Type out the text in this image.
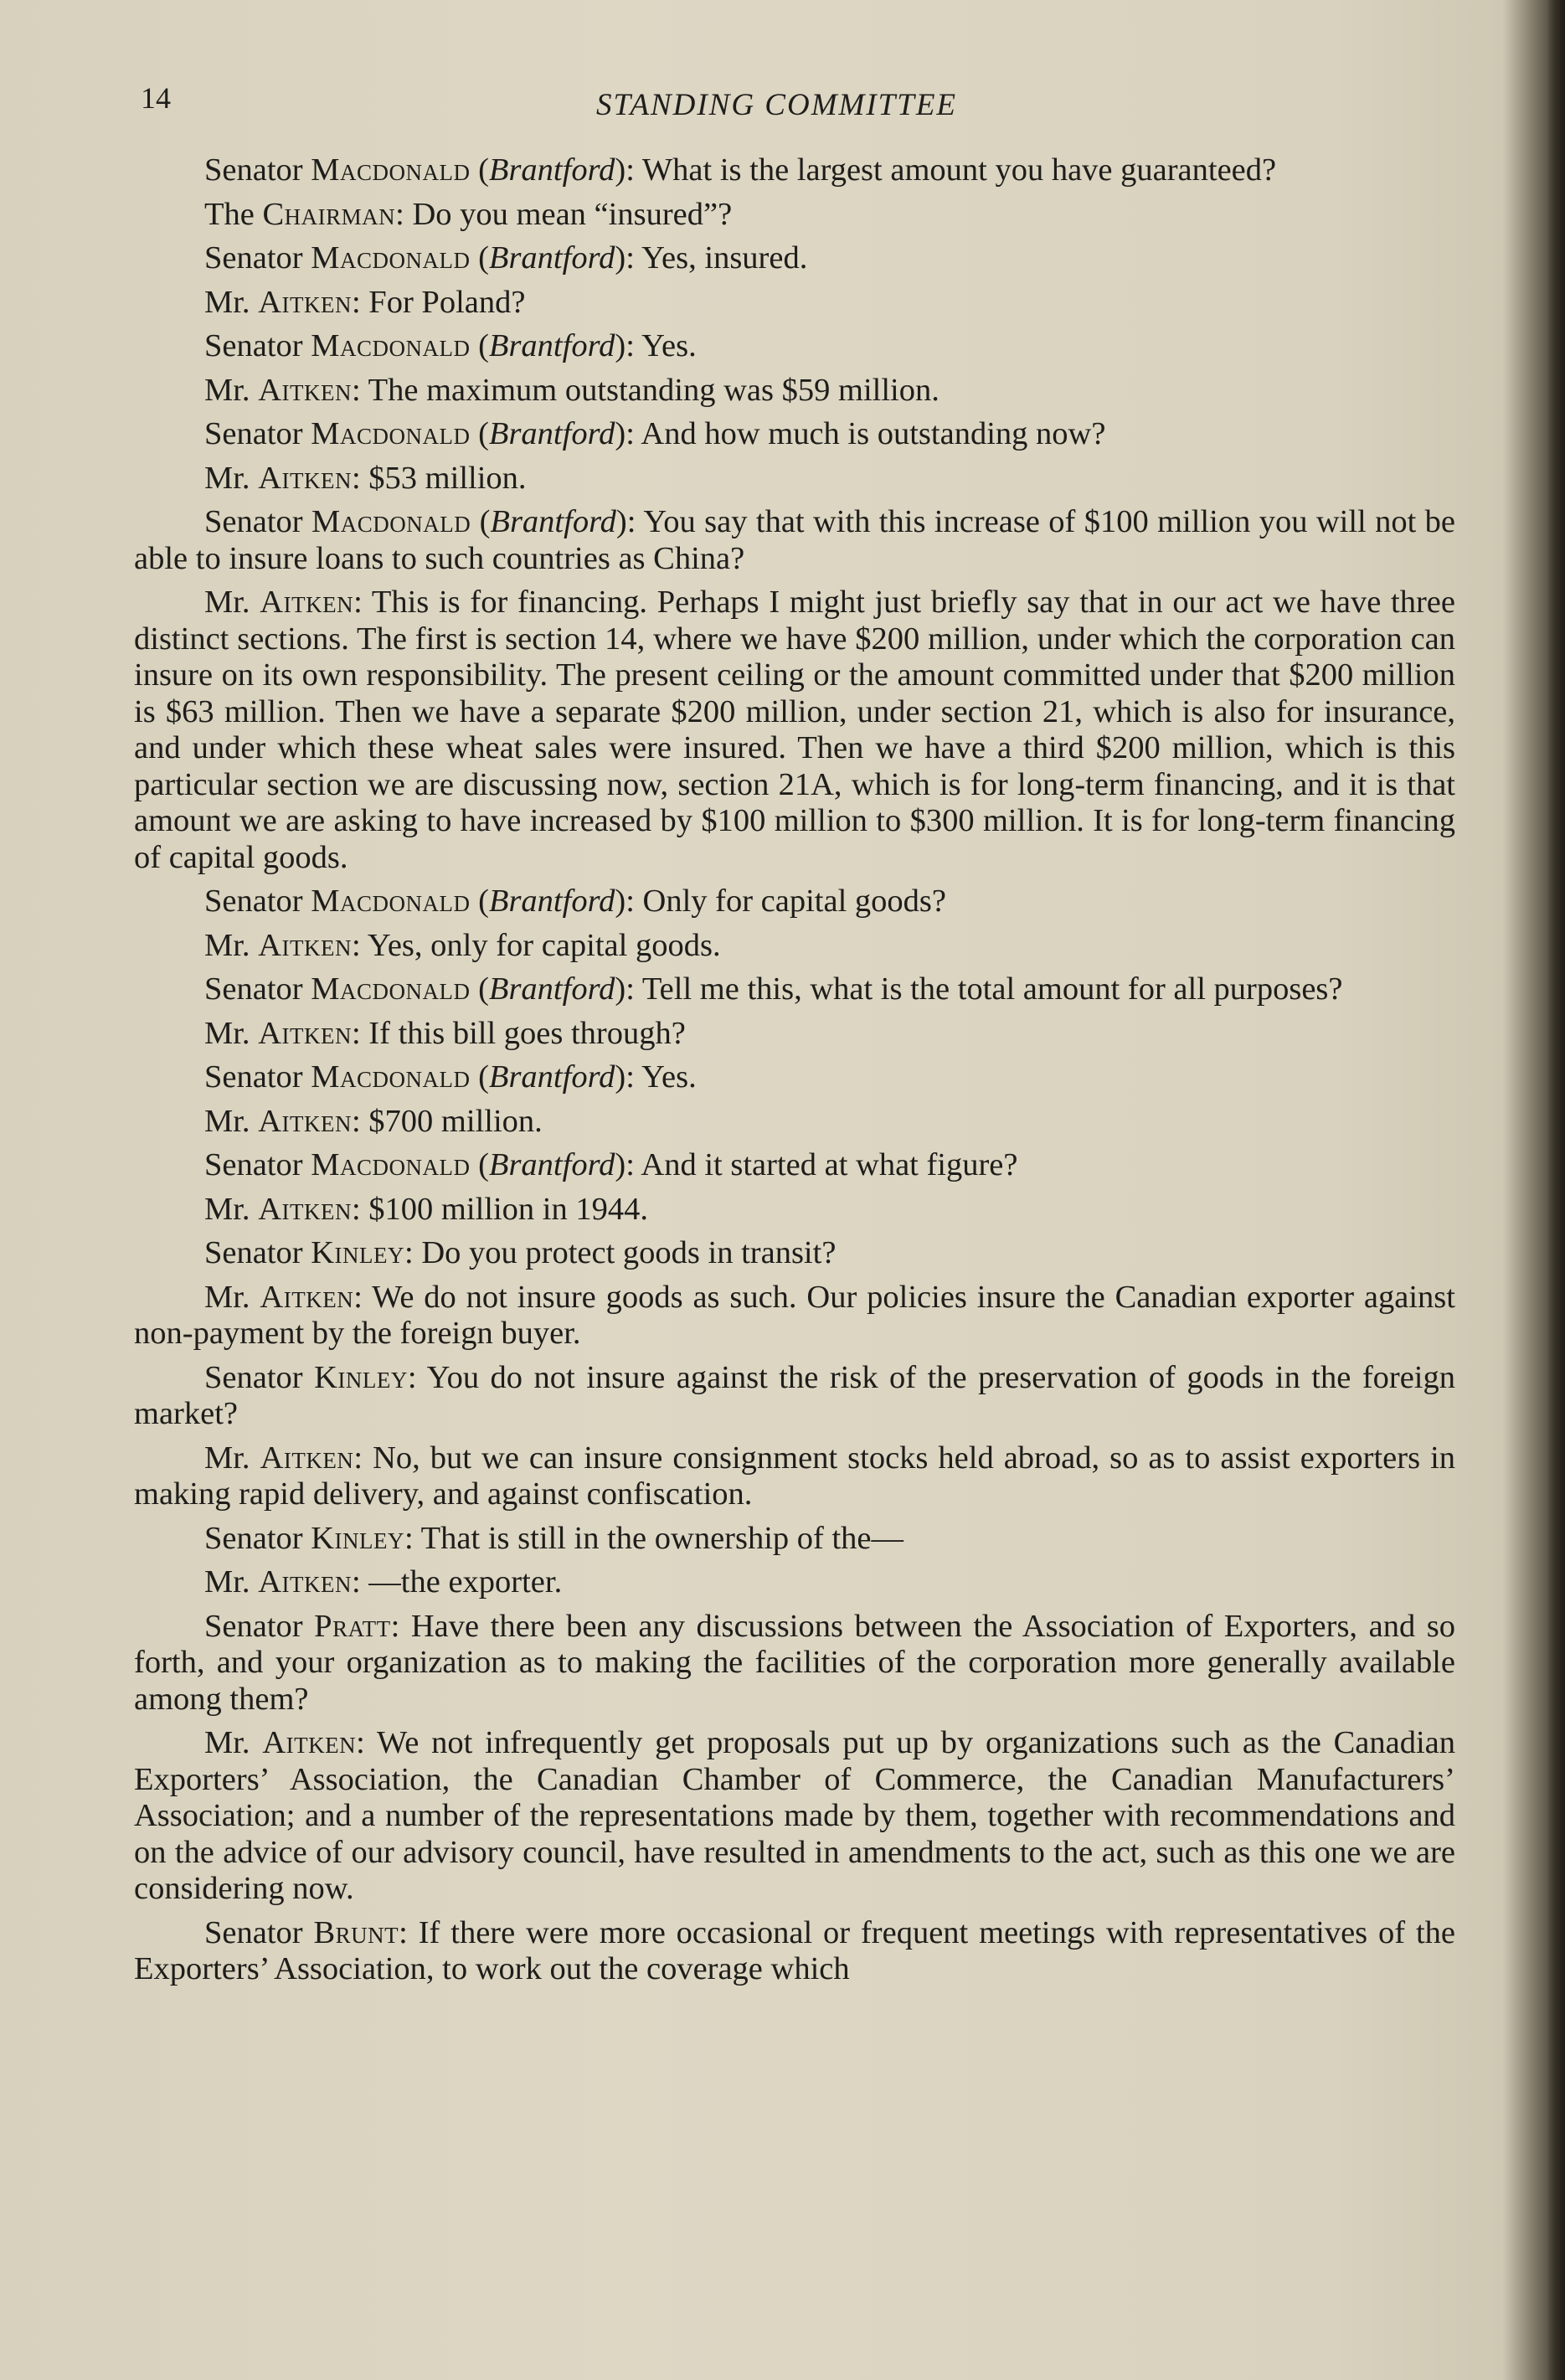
14	STANDING COMMITTEE

Senator Macdonald (Brantford): What is the largest amount you have guaranteed?

The Chairman: Do you mean “insured”?

Senator Macdonald (Brantford): Yes, insured.

Mr. Aitken: For Poland?

Senator Macdonald (Brantford): Yes.

Mr. Aitken: The maximum outstanding was $59 million.

Senator Macdonald (Brantford): And how much is outstanding now?

Mr. Aitken: $53 million.

Senator Macdonald (Brantford): You say that with this increase of $100 million you will not be able to insure loans to such countries as China?

Mr. Aitken: This is for financing. Perhaps I might just briefly say that in our act we have three distinct sections. The first is section 14, where we have $200 million, under which the corporation can insure on its own responsibility. The present ceiling or the amount committed under that $200 million is $63 million. Then we have a separate $200 million, under section 21, which is also for insurance, and under which these wheat sales were insured. Then we have a third $200 million, which is this particular section we are discussing now, section 21A, which is for long-term financing, and it is that amount we are asking to have increased by $100 million to $300 million. It is for long-term financing of capital goods.

Senator Macdonald (Brantford): Only for capital goods?

Mr. Aitken: Yes, only for capital goods.

Senator Macdonald (Brantford): Tell me this, what is the total amount for all purposes?

Mr. Aitken: If this bill goes through?

Senator Macdonald (Brantford): Yes.

Mr. Aitken: $700 million.

Senator Macdonald (Brantford): And it started at what figure?

Mr. Aitken: $100 million in 1944.

Senator Kinley: Do you protect goods in transit?

Mr. Aitken: We do not insure goods as such. Our policies insure the Canadian exporter against non-payment by the foreign buyer.

Senator Kinley: You do not insure against the risk of the preservation of goods in the foreign market?

Mr. Aitken: No, but we can insure consignment stocks held abroad, so as to assist exporters in making rapid delivery, and against confiscation.

Senator Kinley: That is still in the ownership of the—

Mr. Aitken: —the exporter.

Senator Pratt: Have there been any discussions between the Association of Exporters, and so forth, and your organization as to making the facilities of the corporation more generally available among them?

Mr. Aitken: We not infrequently get proposals put up by organizations such as the Canadian Exporters’ Association, the Canadian Chamber of Commerce, the Canadian Manufacturers’ Association; and a number of the representations made by them, together with recommendations and on the advice of our advisory council, have resulted in amendments to the act, such as this one we are considering now.

Senator Brunt: If there were more occasional or frequent meetings with representatives of the Exporters’ Association, to work out the coverage which
